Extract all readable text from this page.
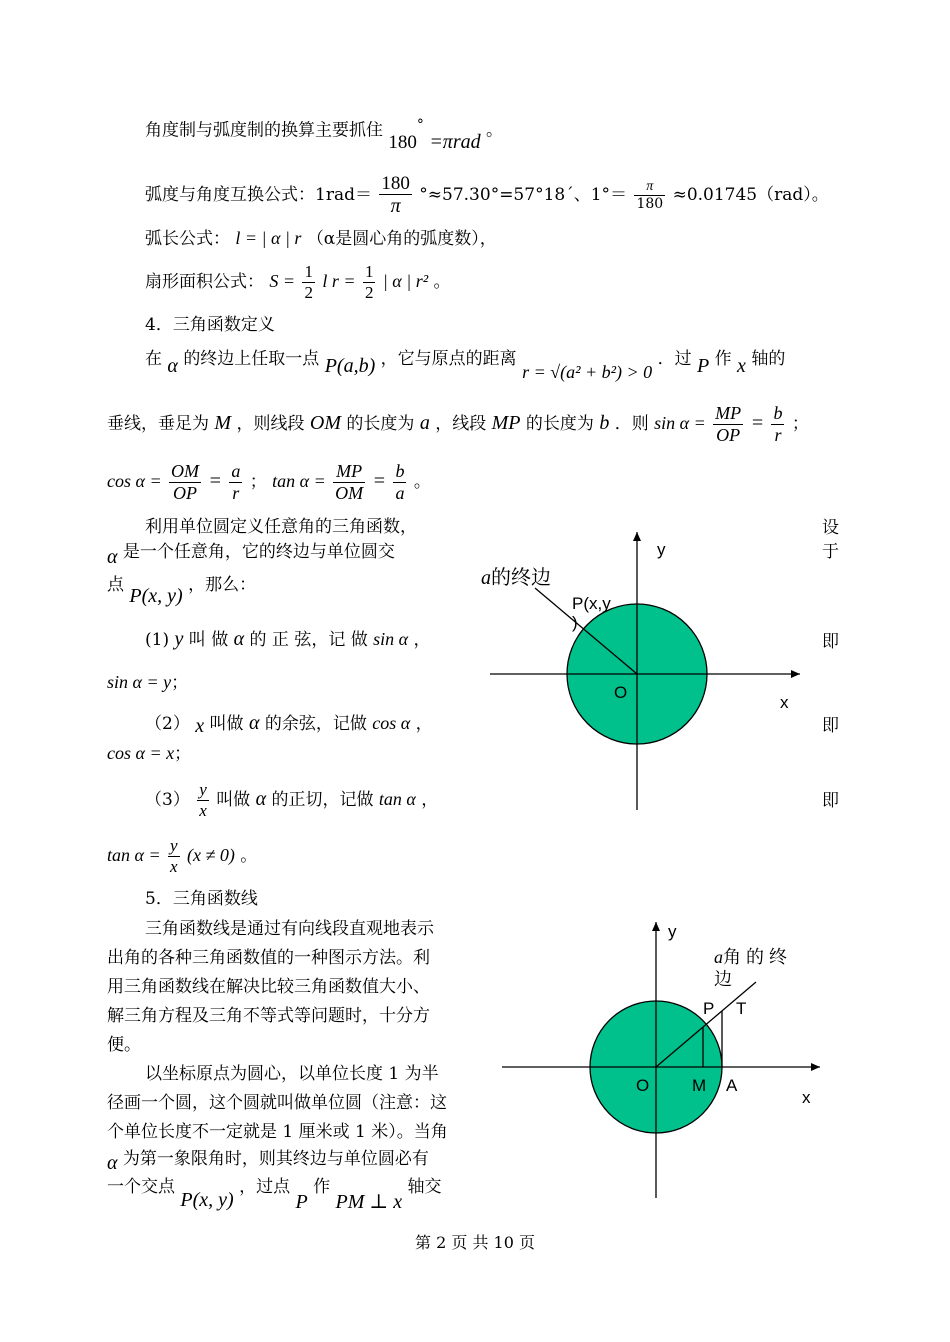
角度制与弧度制的换算主要抓住 180° =πrad 。
弧度与角度互换公式：$1rad= \frac{180}{\pi}$ °≈57.30°=57°18´、$1^\circ= \frac{\pi}{180} \approx 0.01745(rad)$。
弧长公式： l = | α | r （α是圆心角的弧度数），
扇形面积公式： $S = \frac{1}{2}$ l $r = \frac{1}{2}$ | α | r² 。
4．三角函数定义
在 α 的终边上任取一点 P(a,b) ，它与原点的距离 r = √(a² + b²) > 0 ．过 P 作 x 轴的
垂线，垂足为 M ，则线段 OM 的长度为 a ，线段 MP 的长度为 b ．则 $\sin \alpha = \frac{MP}{OP} = \frac{b}{r}$ ；
$\cos \alpha = \frac{OM}{OP} = \frac{a}{r}$ ； $\tan \alpha = \frac{MP}{OM} = \frac{b}{a}$ 。
利用单位圆定义任意角的三角函数，	设
α 是一个任意角，它的终边与单位圆交	于
点 P(x, y) ，那么：
(1) y 叫 做 α 的 正 弦，记 做 sin α ，	即
sin α = y；
（2） x 叫做 α 的余弦，记做 cos α ，	即
cos α = x；
$(3) \frac{y}{x}$ 叫做 α 的正切，记做 tan α ，	即
$\tan \alpha = \frac{y}{x} (x \ne 0)$ 。
5．三角函数线
三角函数线是通过有向线段直观地表示
出角的各种三角函数值的一种图示方法。利
用三角函数线在解决比较三角函数值大小、
解三角方程及三角不等式等问题时，十分方
便。
以坐标原点为圆心，以单位长度 1 为半
径画一个圆，这个圆就叫做单位圆（注意：这
个单位长度不一定就是 1 厘米或 1 米）。当角
α 为第一象限角时，则其终边与单位圆必有
一个交点 P(x, y) ，过点 P 作 PM ⊥ x 轴交
y
x
O
a的终边
P(x,y
)
y
x
O	M A
P T
a角 的 终
边
第 2 页 共 10 页
